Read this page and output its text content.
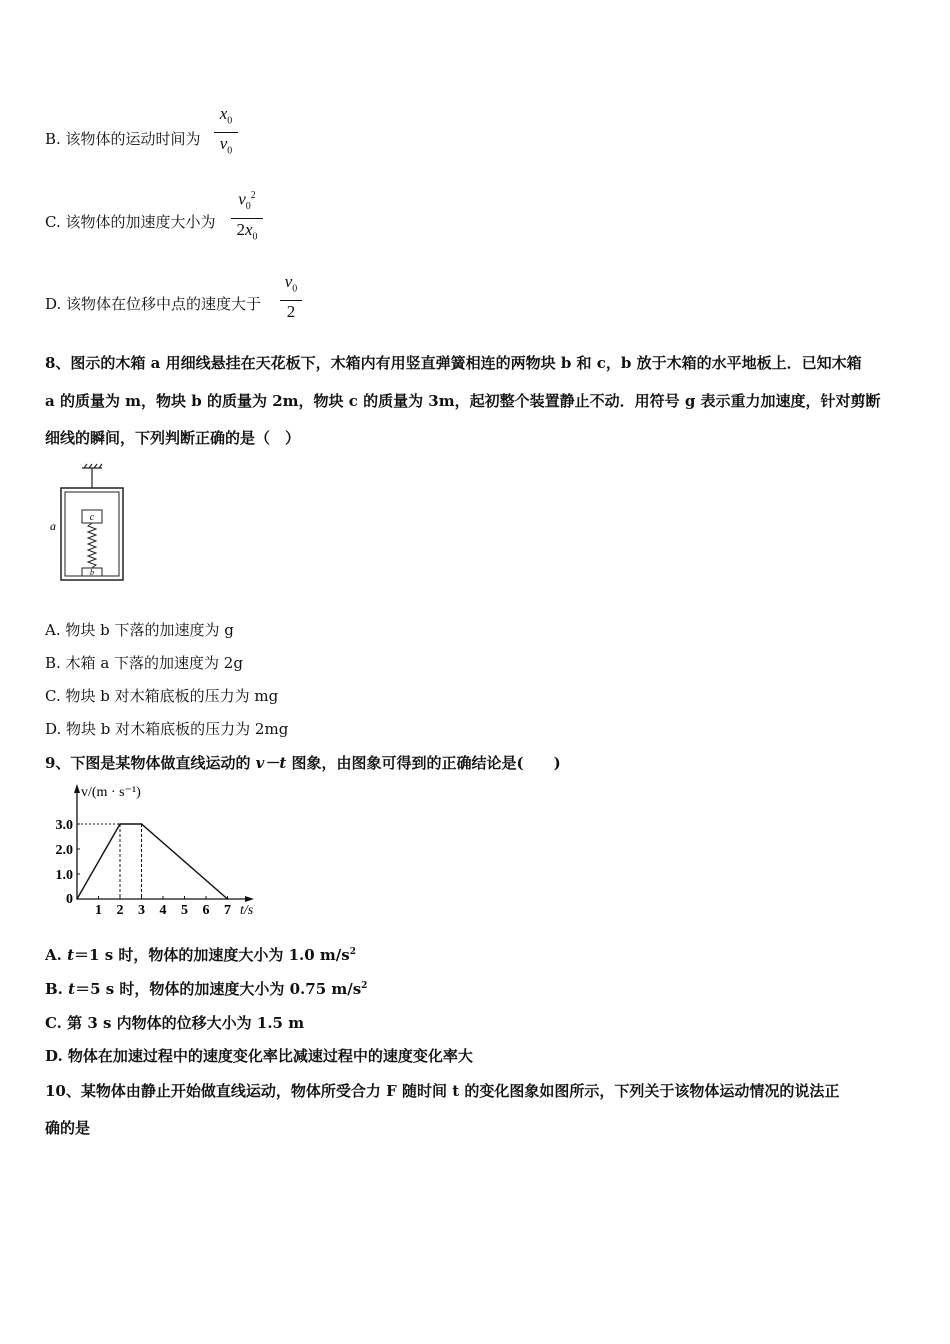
B. 该物体的运动时间为
$x_0$
$v_0$
C. 该物体的加速度大小为
$v_0^2$
$2x_0$
D. 该物体在位移中点的速度大于
$v_0$
2
8、图示的木箱 a 用细线悬挂在天花板下，木箱内有用竖直弹簧相连的两物块 b 和 c，b 放于木箱的水平地板上．已知木箱
a 的质量为 m，物块 b 的质量为 2m，物块 c 的质量为 3m，起初整个装置静止不动．用符号 g 表示重力加速度，针对剪断
细线的瞬间，下列判断正确的是（　）
c
b
a
A. 物块 b 下落的加速度为 g
B. 木箱 a 下落的加速度为 2g
C. 物块 b 对木箱底板的压力为 mg
D. 物块 b 对木箱底板的压力为 2mg
9、下图是某物体做直线运动的 v－t 图象，由图象可得到的正确结论是(　　)
v/(m · s⁻¹)
t/s
0
1.0
2.0
3.0
1 2 3 4 5 6 7
A. t＝1 s 时，物体的加速度大小为 1.0 $m/s^2$
B. t＝5 s 时，物体的加速度大小为 0.75 $m/s^2$
C. 第 3 s 内物体的位移大小为 1.5 m
D. 物体在加速过程中的速度变化率比减速过程中的速度变化率大
10、某物体由静止开始做直线运动，物体所受合力 F 随时间 t 的变化图象如图所示，下列关于该物体运动情况的说法正
确的是
